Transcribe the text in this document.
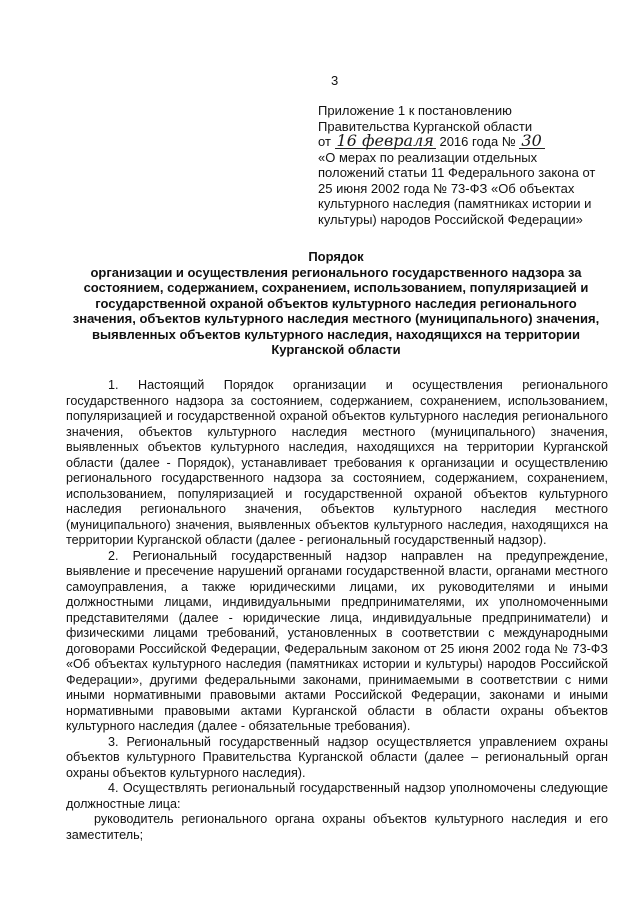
3
Приложение 1 к постановлению
Правительства Курганской области
от 16 февраля 2016 года № 30
«О мерах по реализации отдельных
положений статьи 11 Федерального закона от
25 июня 2002 года № 73-ФЗ «Об объектах
культурного наследия (памятниках истории и
культуры) народов Российской Федерации»
Порядок
организации и осуществления регионального государственного надзора за
состоянием, содержанием, сохранением, использованием, популяризацией и
государственной охраной объектов культурного наследия регионального
значения, объектов культурного наследия местного (муниципального) значения,
выявленных объектов культурного наследия, находящихся на территории
Курганской области

1. Настоящий Порядок организации и осуществления регионального государственного надзора за состоянием, содержанием, сохранением, использованием, популяризацией и государственной охраной объектов культурного наследия регионального значения, объектов культурного наследия местного (муниципального) значения, выявленных объектов культурного наследия, находящихся на территории Курганской области (далее - Порядок), устанавливает требования к организации и осуществлению регионального государственного надзора за состоянием, содержанием, сохранением, использованием, популяризацией и государственной охраной объектов культурного наследия регионального значения, объектов культурного наследия местного (муниципального) значения, выявленных объектов культурного наследия, находящихся на территории Курганской области (далее - региональный государственный надзор).

2. Региональный государственный надзор направлен на предупреждение, выявление и пресечение нарушений органами государственной власти, органами местного самоуправления, а также юридическими лицами, их руководителями и иными должностными лицами, индивидуальными предпринимателями, их уполномоченными представителями (далее - юридические лица, индивидуальные предприниматели) и физическими лицами требований, установленных в соответствии с международными договорами Российской Федерации, Федеральным законом от 25 июня 2002 года № 73-ФЗ «Об объектах культурного наследия (памятниках истории и культуры) народов Российской Федерации», другими федеральными законами, принимаемыми в соответствии с ними иными нормативными правовыми актами Российской Федерации, законами и иными нормативными правовыми актами Курганской области в области охраны объектов культурного наследия (далее - обязательные требования).

3. Региональный государственный надзор осуществляется управлением охраны объектов культурного Правительства Курганской области (далее – региональный орган охраны объектов культурного наследия).

4. Осуществлять региональный государственный надзор уполномочены следующие должностные лица:

руководитель регионального органа охраны объектов культурного наследия и его заместитель;
